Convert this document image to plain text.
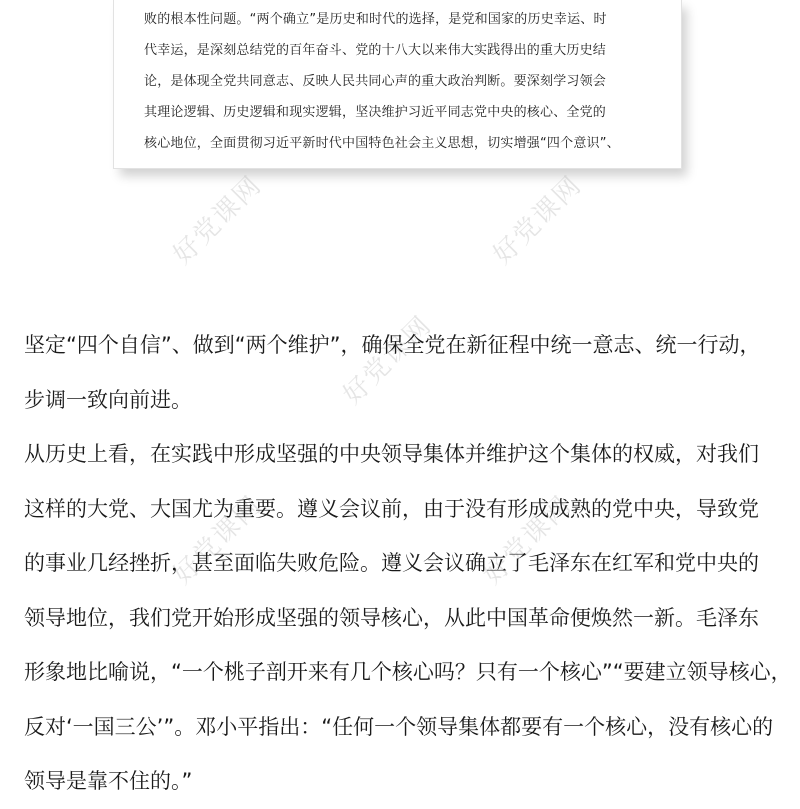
败的根本性问题。“两个确立”是历史和时代的选择，是党和国家的历史幸运、时

代幸运，是深刻总结党的百年奋斗、党的十八大以来伟大实践得出的重大历史结

论，是体现全党共同意志、反映人民共同心声的重大政治判断。要深刻学习领会

其理论逻辑、历史逻辑和现实逻辑，坚决维护习近平同志党中央的核心、全党的

核心地位，全面贯彻习近平新时代中国特色社会主义思想，切实增强“四个意识”、

好党课网	好党课网
好党课网
好党课网	好党课网

坚定“四个自信”、做到“两个维护”，确保全党在新征程中统一意志、统一行动，

步调一致向前进。

从历史上看，在实践中形成坚强的中央领导集体并维护这个集体的权威，对我们

这样的大党、大国尤为重要。遵义会议前，由于没有形成成熟的党中央，导致党

的事业几经挫折，甚至面临失败危险。遵义会议确立了毛泽东在红军和党中央的

领导地位，我们党开始形成坚强的领导核心，从此中国革命便焕然一新。毛泽东

形象地比喻说，“一个桃子剖开来有几个核心吗？只有一个核心”“要建立领导核心，

反对‘一国三公’”。邓小平指出：“任何一个领导集体都要有一个核心，没有核心的

领导是靠不住的。”
